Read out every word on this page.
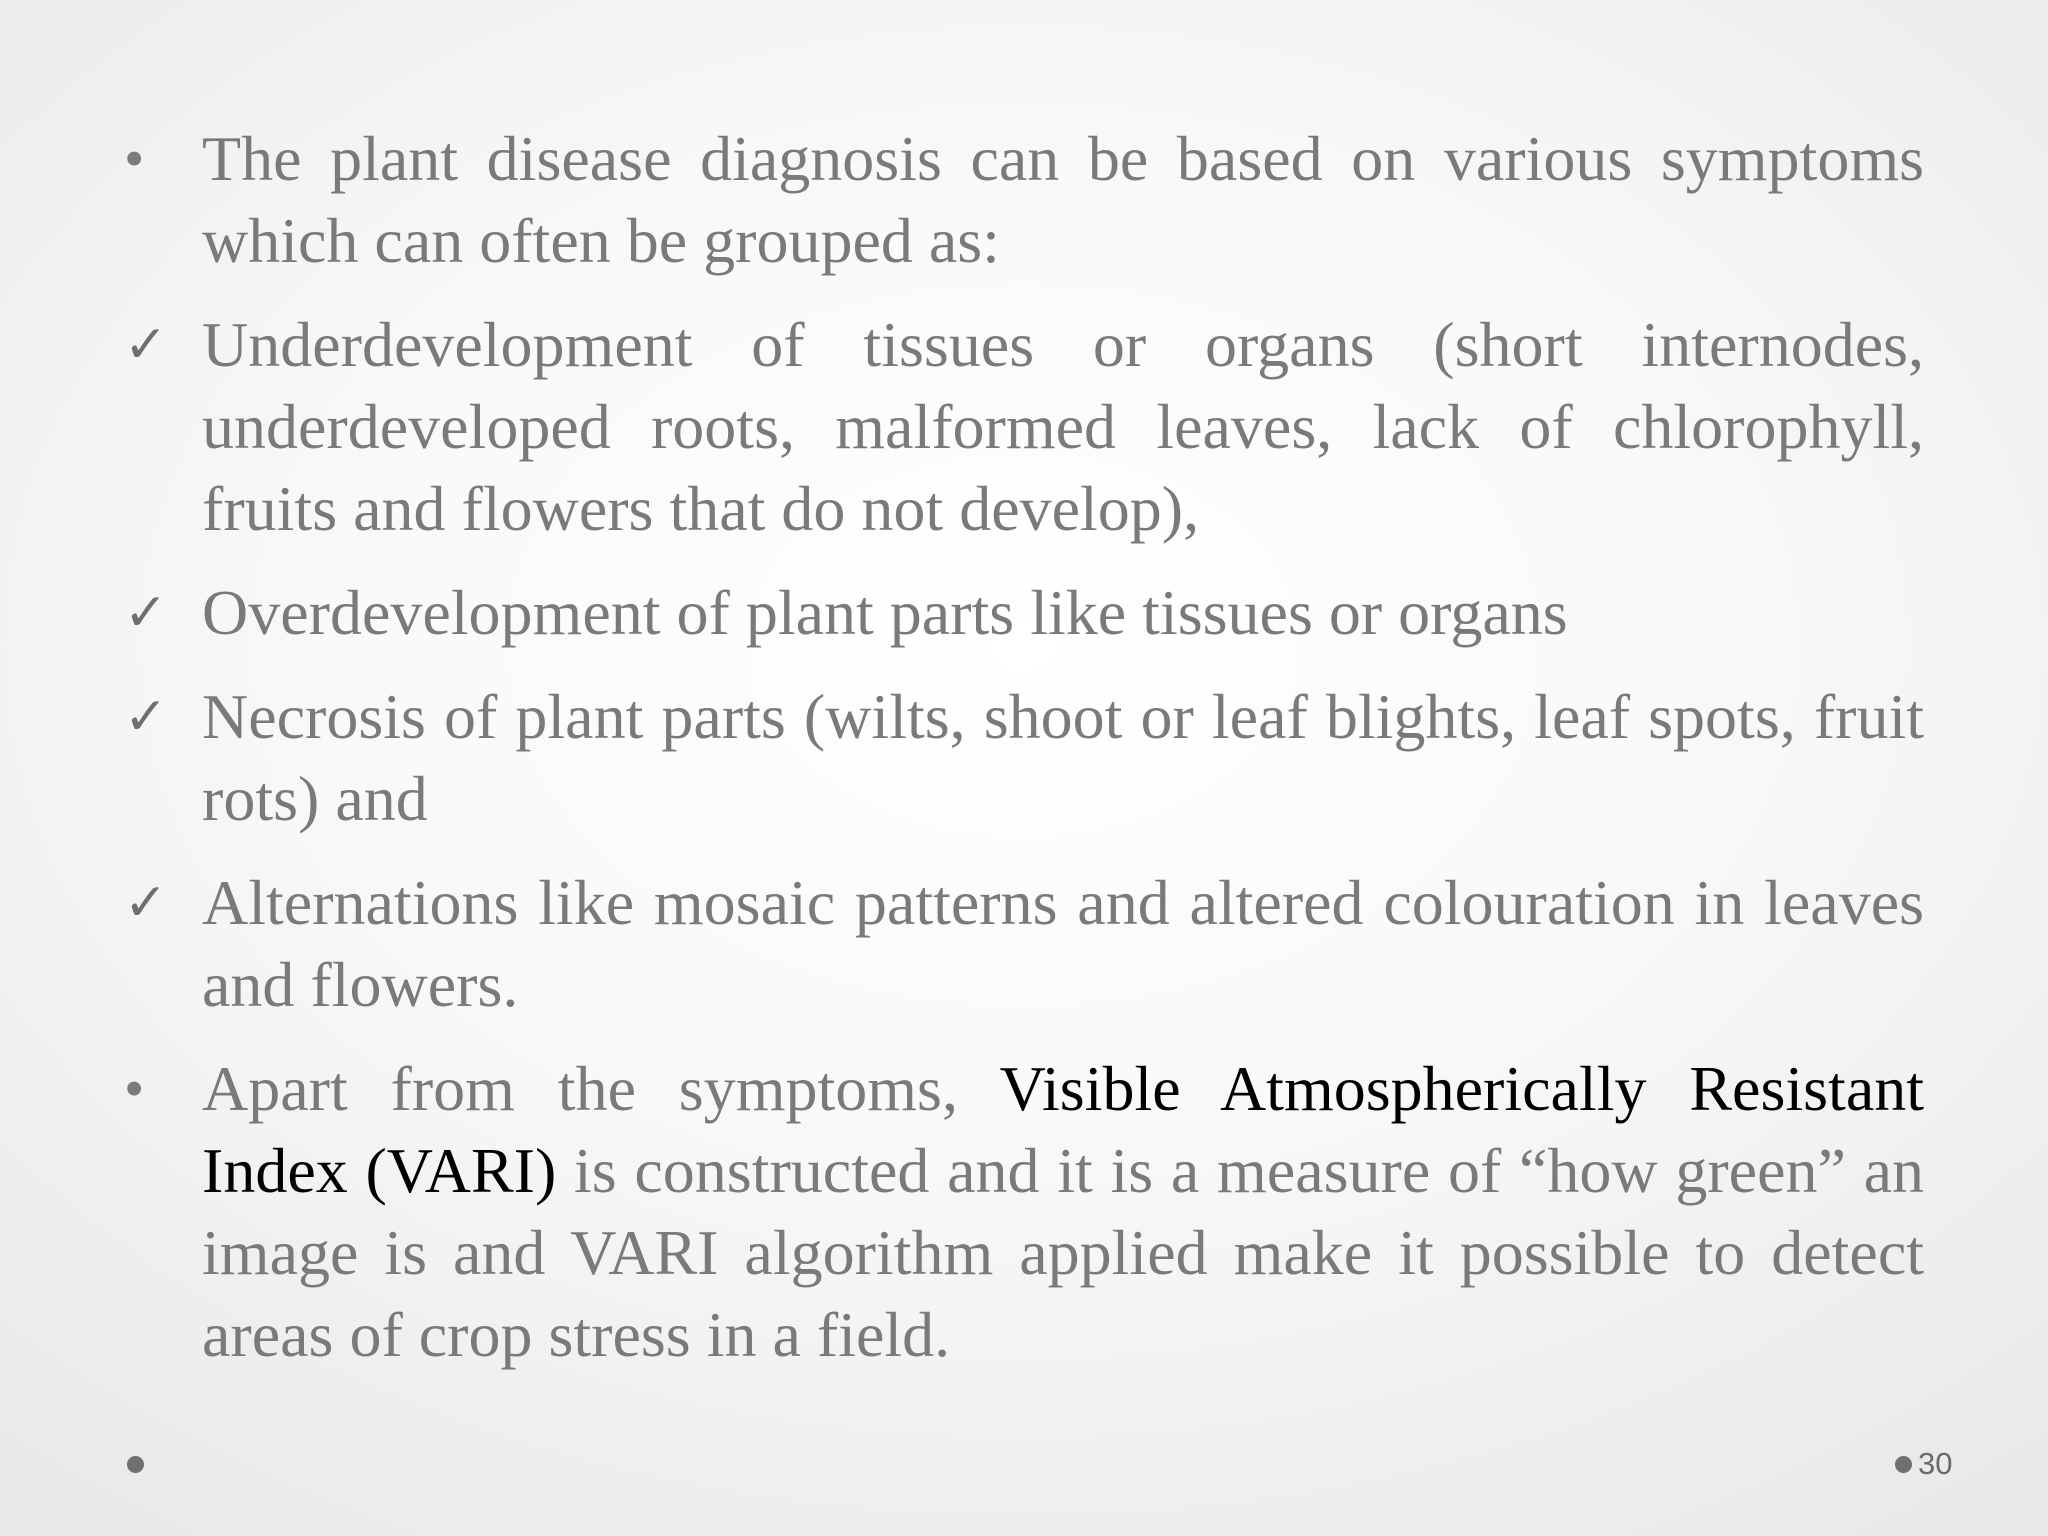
• The plant disease diagnosis can be based on various symptoms which can often be grouped as:
✓ Underdevelopment of tissues or organs (short internodes, underdeveloped roots, malformed leaves, lack of chlorophyll, fruits and flowers that do not develop),
✓ Overdevelopment of plant parts like tissues or organs
✓ Necrosis of plant parts (wilts, shoot or leaf blights, leaf spots, fruit rots) and
✓ Alternations like mosaic patterns and altered colouration in leaves and flowers.
• Apart from the symptoms, Visible Atmospherically Resistant Index (VARI) is constructed and it is a measure of “how green” an image is and VARI algorithm applied make it possible to detect areas of crop stress in a field.
30
